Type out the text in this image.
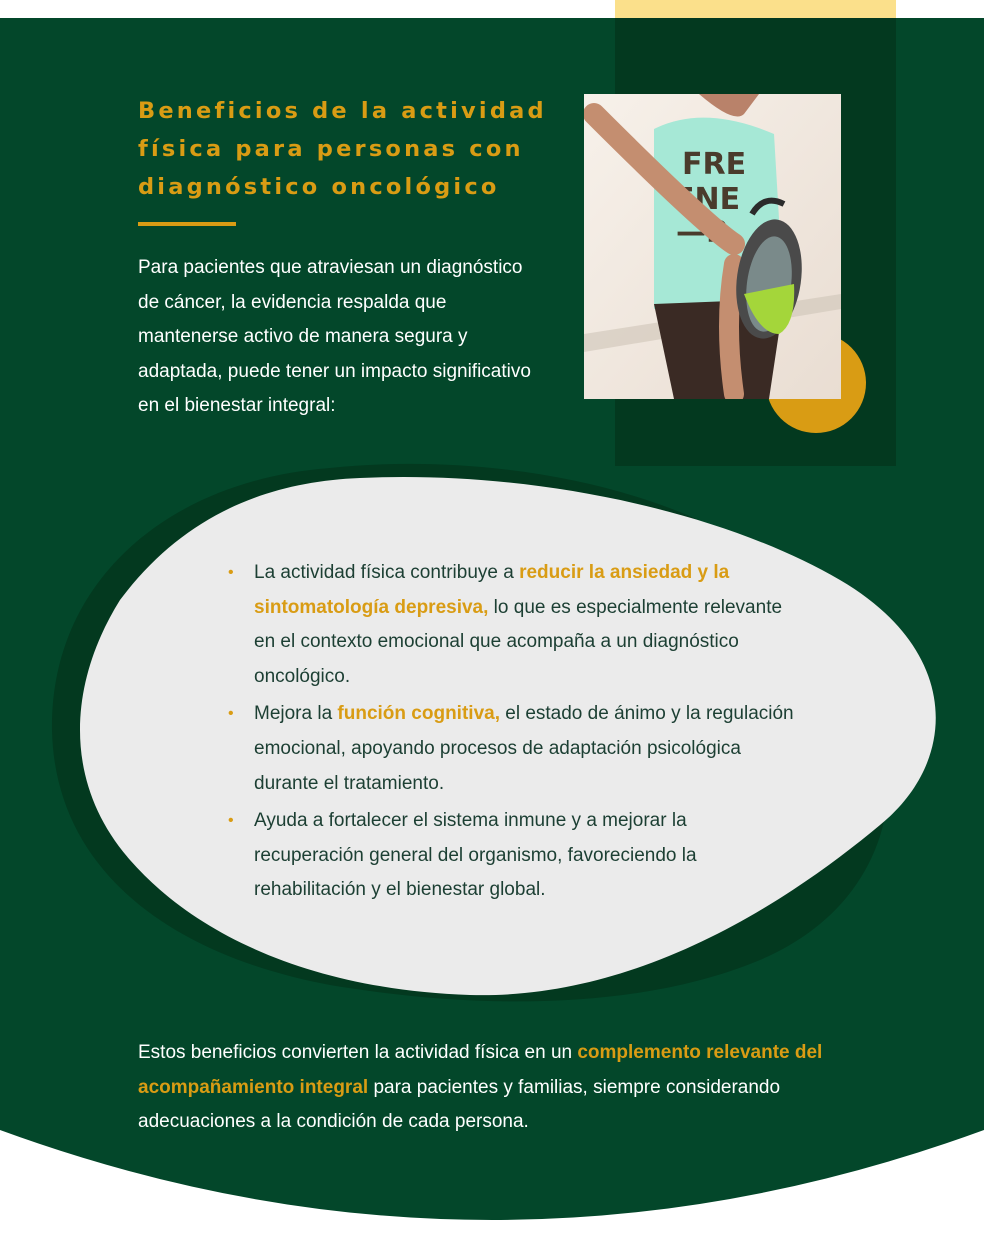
Beneficios de la actividad
física para personas con
diagnóstico oncológico

Para pacientes que atraviesan un diagnóstico de cáncer, la evidencia respalda que mantenerse activo de manera segura y adaptada, puede tener un impacto significativo en el bienestar integral:

FRE
ENE
—R
• La actividad física contribuye a reducir la ansiedad y la sintomatología depresiva, lo que es especialmente relevante en el contexto emocional que acompaña a un diagnóstico oncológico.
• Mejora la función cognitiva, el estado de ánimo y la regulación emocional, apoyando procesos de adaptación psicológica durante el tratamiento.
• Ayuda a fortalecer el sistema inmune y a mejorar la recuperación general del organismo, favoreciendo la rehabilitación y el bienestar global.

Estos beneficios convierten la actividad física en un complemento relevante del acompañamiento integral para pacientes y familias, siempre considerando adecuaciones a la condición de cada persona.
